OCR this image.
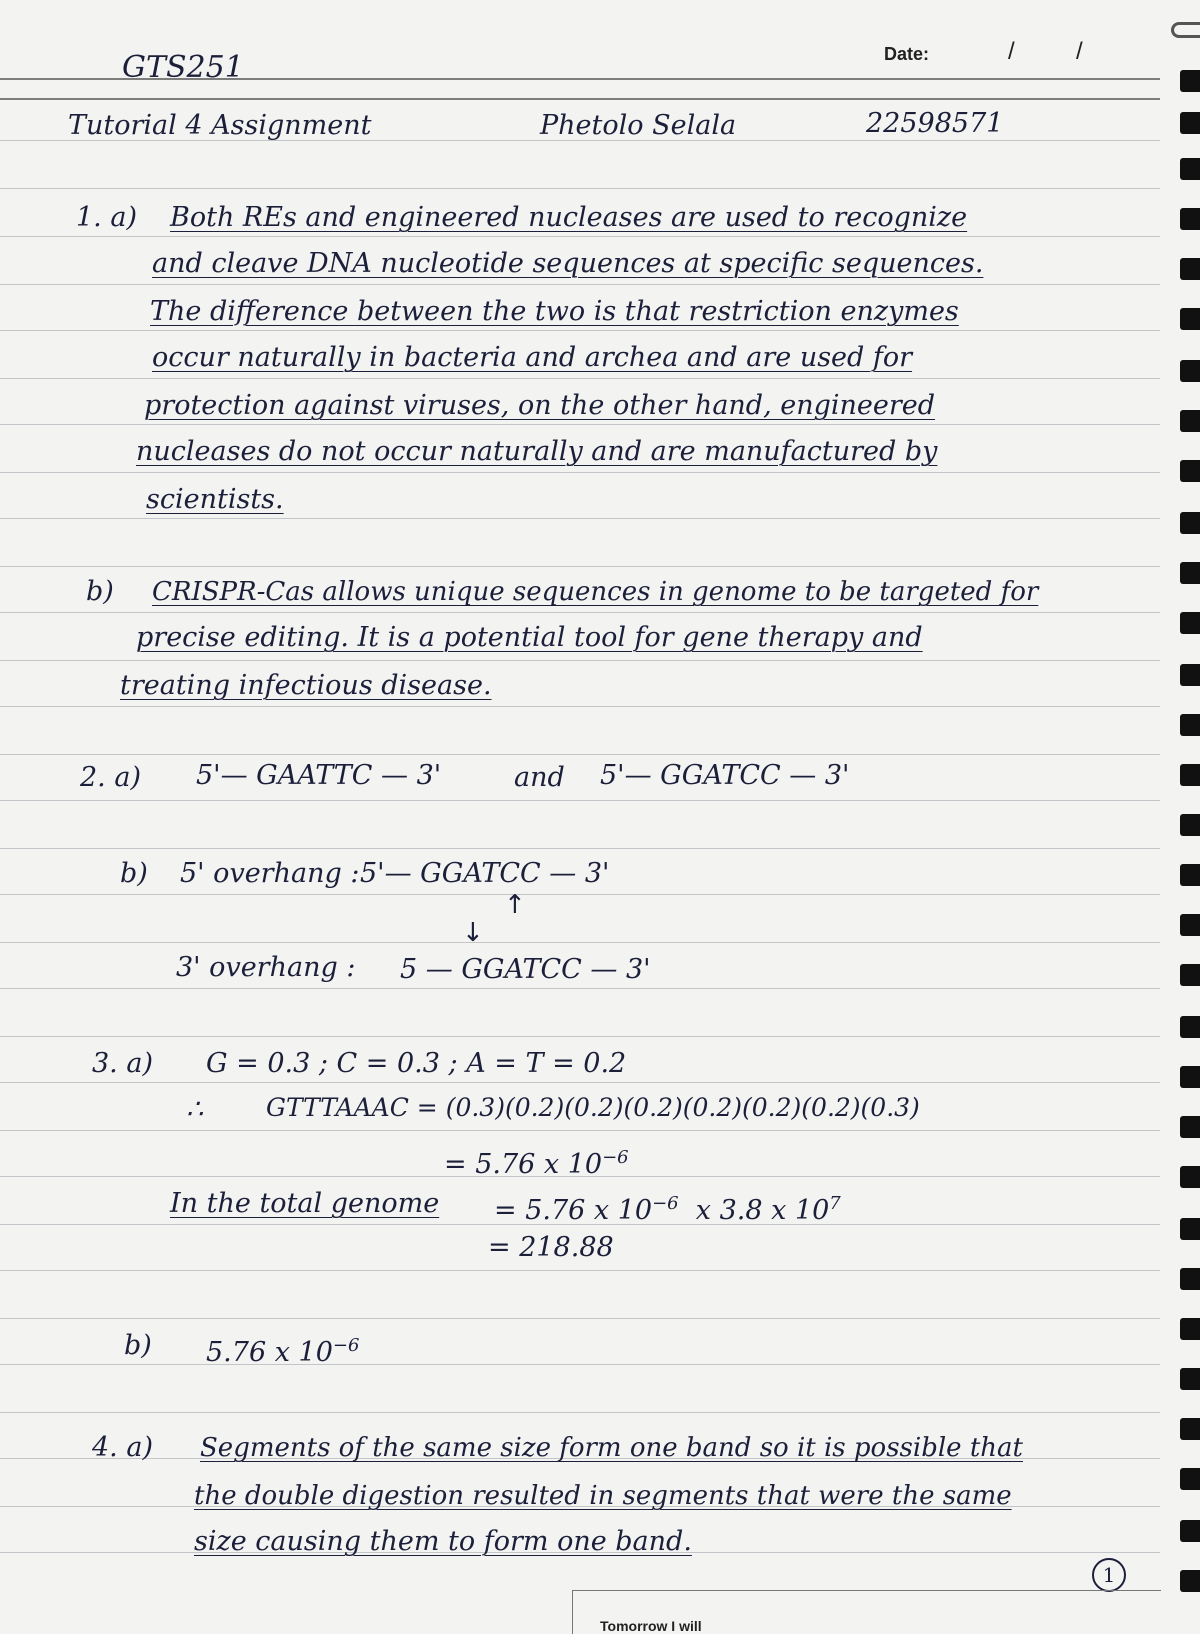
GTS251	Date:	/	/
Tutorial 4 Assignment	Phetolo Selala	22598571
1. a) Both REs and engineered nucleases are used to recognize
and cleave DNA nucleotide sequences at specific sequences.
The difference between the two is that restriction enzymes
occur naturally in bacteria and archea and are used for
protection against viruses, on the other hand, engineered
nucleases do not occur naturally and are manufactured by
scientists.
b) CRISPR-Cas allows unique sequences in genome to be targeted for
precise editing. It is a potential tool for gene therapy and
treating infectious disease.
2. a) 5'— GAATTC — 3'	and 5'— GGATCC — 3'
b) 5' overhang : 5'— GGATCC — 3'
↑
↓
3' overhang : 5 — GGATCC — 3'
3. a) G = 0.3 ; C = 0.3 ; A = T = 0.2
∴	GTTTAAAC = (0.3)(0.2)(0.2)(0.2)(0.2)(0.2)(0.2)(0.3)
= 5.76 x $10^{-6}$
In the total genome = 5.76 x $10^{-6}$ x 3.8 x $10^7$
= 218.88
b) 5.76 x $10^{-6}$
4. a) Segments of the same size form one band so it is possible that
the double digestion resulted in segments that were the same
size causing them to form one band.
1
Tomorrow I will
